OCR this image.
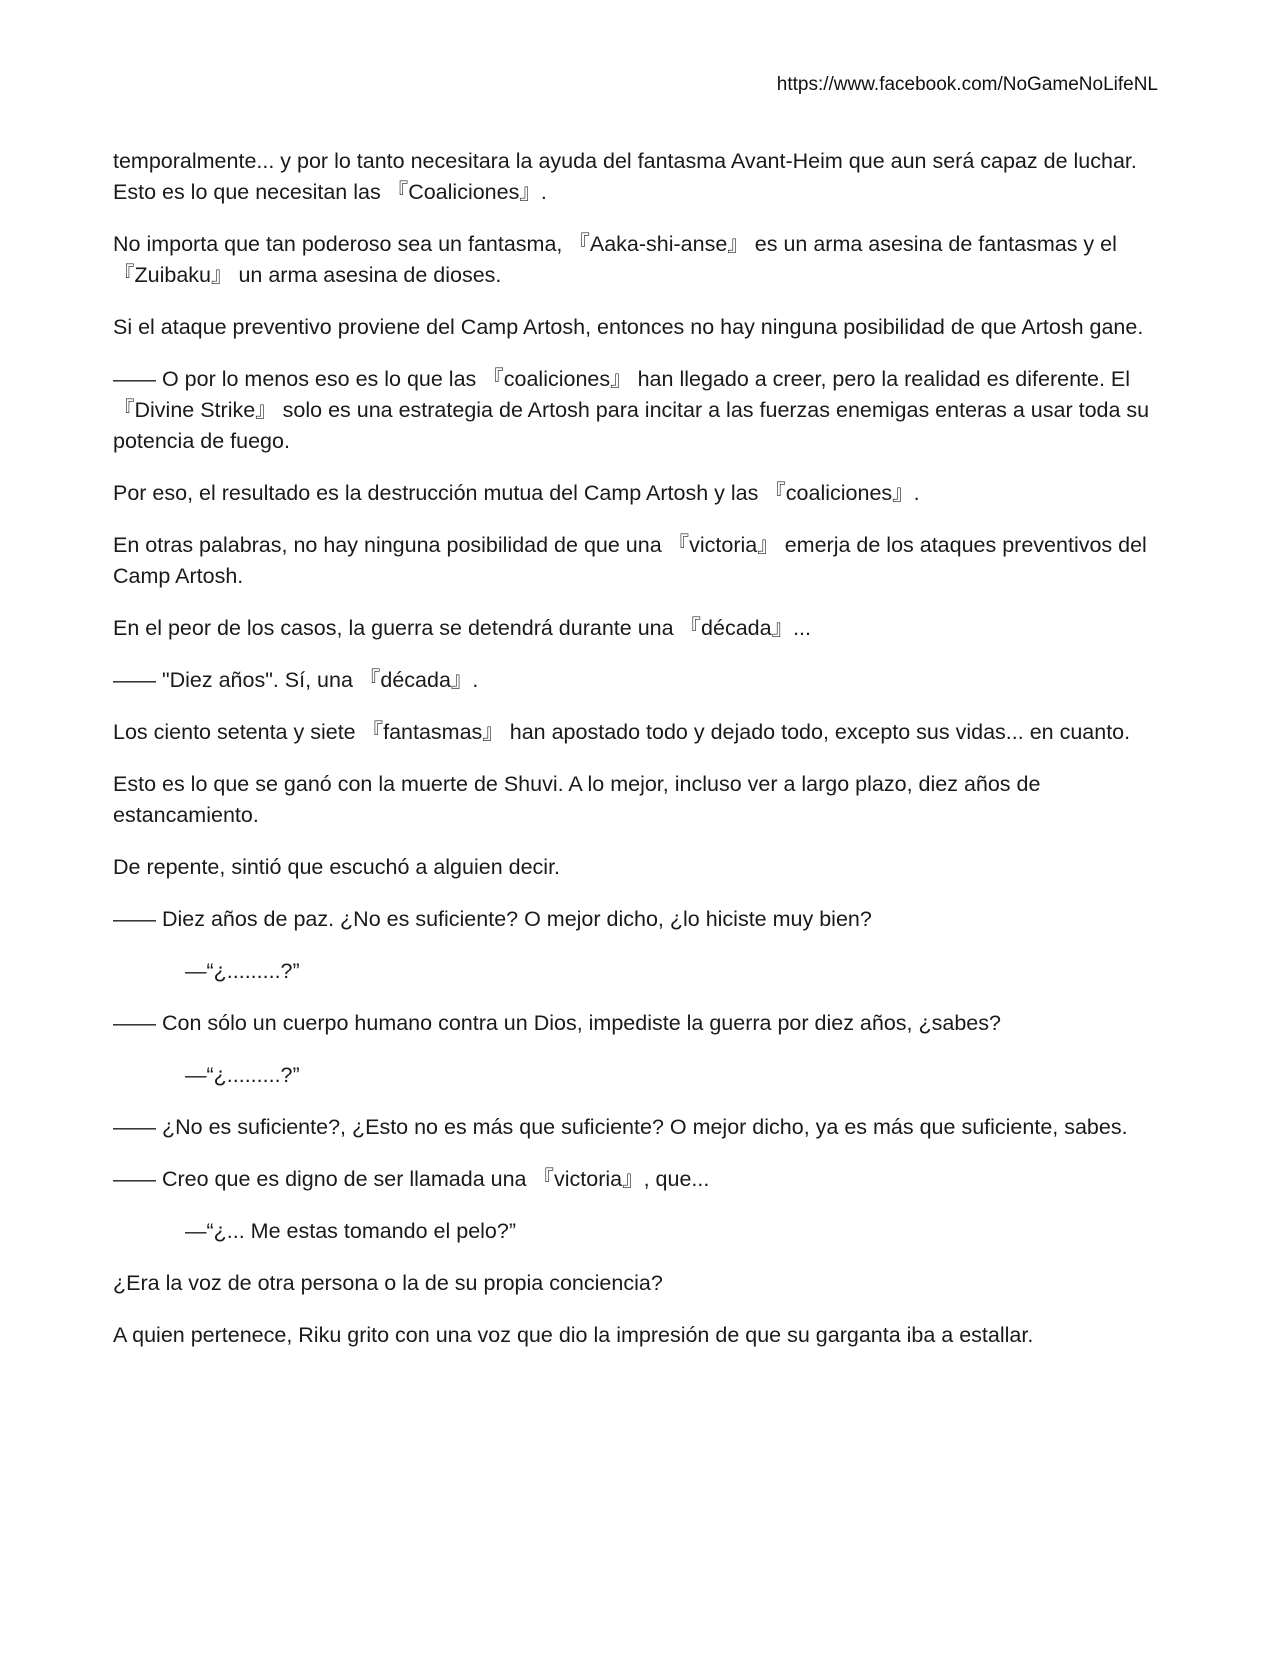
https://www.facebook.com/NoGameNoLifeNL

temporalmente... y por lo tanto necesitara la ayuda del fantasma Avant-Heim que aun será capaz de luchar. Esto es lo que necesitan las 『Coaliciones』.

No importa que tan poderoso sea un fantasma, 『Aaka-shi-anse』 es un arma asesina de fantasmas y el 『Zuibaku』 un arma asesina de dioses.

Si el ataque preventivo proviene del Camp Artosh, entonces no hay ninguna posibilidad de que Artosh gane.

—— O por lo menos eso es lo que las 『coaliciones』 han llegado a creer, pero la realidad es diferente. El 『Divine Strike』 solo es una estrategia de Artosh para incitar a las fuerzas enemigas enteras a usar toda su potencia de fuego.

Por eso, el resultado es la destrucción mutua del Camp Artosh y las 『coaliciones』.

En otras palabras, no hay ninguna posibilidad de que una 『victoria』 emerja de los ataques preventivos del Camp Artosh.

En el peor de los casos, la guerra se detendrá durante una 『década』...

—— "Diez años". Sí, una 『década』.

Los ciento setenta y siete 『fantasmas』 han apostado todo y dejado todo, excepto sus vidas... en cuanto.

Esto es lo que se ganó con la muerte de Shuvi. A lo mejor, incluso ver a largo plazo, diez años de estancamiento.

De repente, sintió que escuchó a alguien decir.

—— Diez años de paz. ¿No es suficiente? O mejor dicho, ¿lo hiciste muy bien?

—“¿.........?”

—— Con sólo un cuerpo humano contra un Dios, impediste la guerra por diez años, ¿sabes?

—“¿.........?”

—— ¿No es suficiente?, ¿Esto no es más que suficiente? O mejor dicho, ya es más que suficiente, sabes.

—— Creo que es digno de ser llamada una 『victoria』, que...

—“¿... Me estas tomando el pelo?”

¿Era la voz de otra persona o la de su propia conciencia?

A quien pertenece, Riku grito con una voz que dio la impresión de que su garganta iba a estallar.
